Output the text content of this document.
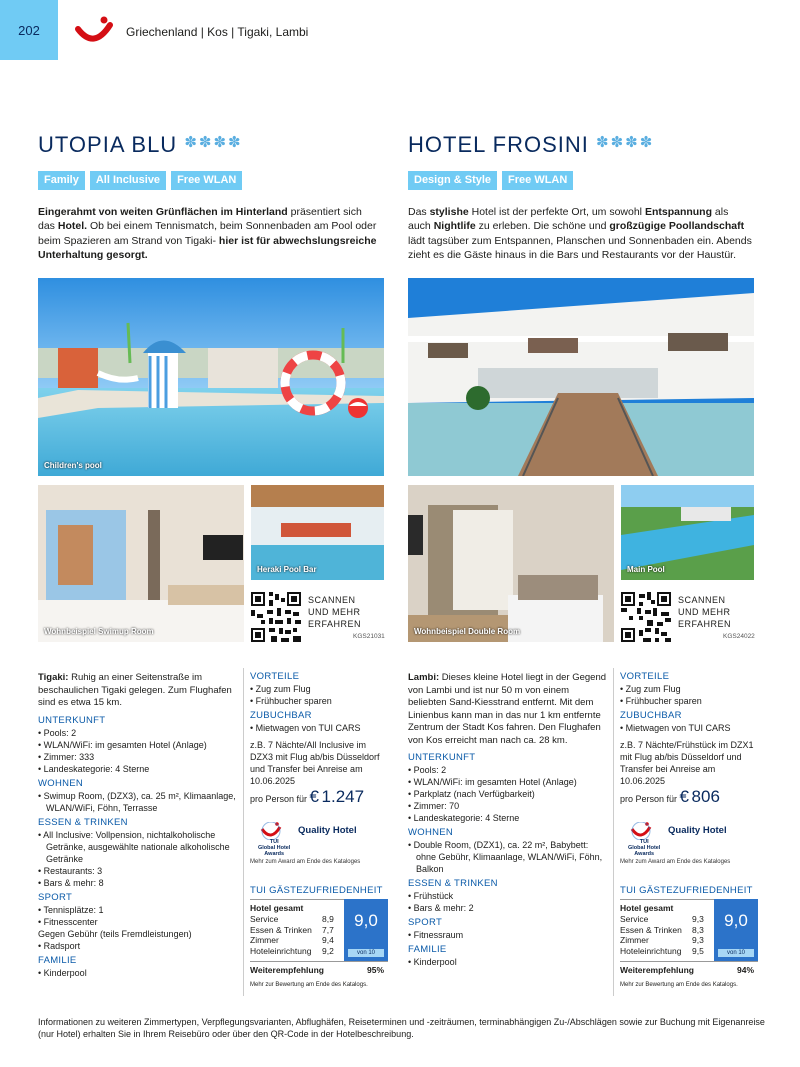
202	Griechenland | Kos | Tigaki, Lambi
UTOPIA BLU ✽✽✽✽
Family	All Inclusive	Free WLAN
Eingerahmt von weiten Grünflächen im Hinterland präsentiert sich das Hotel. Ob bei einem Tennismatch, beim Sonnenbaden am Pool oder beim Spazieren am Strand von Tigaki- hier ist für abwechslungsreiche Unterhaltung gesorgt.
Children's pool
Wohnbeispiel Swimup Room
Heraki Pool Bar
SCANNEN
UND MEHR
ERFAHREN
KGS21031
Tigaki: Ruhig an einer Seitenstraße im beschaulichen Tigaki gelegen. Zum Flughafen sind es etwa 15 km.
UNTERKUNFT
• Pools: 2
• WLAN/WiFi: im gesamten Hotel (Anlage)
• Zimmer: 333
• Landeskategorie: 4 Sterne
WOHNEN
• Swimup Room, (DZX3), ca. 25 m², Klimaanlage, WLAN/WiFi, Föhn, Terrasse
ESSEN & TRINKEN
• All Inclusive: Vollpension, nichtalkoholische Getränke, ausgewählte nationale alkoholische Getränke
• Restaurants: 3
• Bars & mehr: 8
SPORT
• Tennisplätze: 1
• Fitnesscenter
Gegen Gebühr (teils Fremdleistungen)
• Radsport
FAMILIE
• Kinderpool
VORTEILE
• Zug zum Flug
• Frühbucher sparen
ZUBUCHBAR
• Mietwagen von TUI CARS
z.B. 7 Nächte/All Inclusive im DZX3 mit Flug ab/bis Düsseldorf und Transfer bei Anreise am 10.06.2025
pro Person für € 1.247
Quality Hotel
TUI
Global Hotel
Awards
Mehr zum Award am Ende des Kataloges
TUI GÄSTEZUFRIEDENHEIT
Hotel gesamt
Service	8,9
Essen & Trinken 7,7
Zimmer	9,4
Hoteleinrichtung 9,2
9,0
von 10
Weiterempfehlung	95%
Mehr zur Bewertung am Ende des Katalogs.
HOTEL FROSINI ✽✽✽✽
Design & Style	Free WLAN
Das stylishe Hotel ist der perfekte Ort, um sowohl Entspannung als auch Nightlife zu erleben. Die schöne und großzügige Poollandschaft lädt tagsüber zum Entspannen, Planschen und Sonnenbaden ein. Abends zieht es die Gäste hinaus in die Bars und Restaurants vor der Haustür.
Wohnbeispiel Double Room
Main Pool
SCANNEN
UND MEHR
ERFAHREN
KGS24022
Lambi: Dieses kleine Hotel liegt in der Gegend von Lambi und ist nur 50 m von einem beliebten Sand-Kiesstrand entfernt. Mit dem Linienbus kann man in das nur 1 km entfernte Zentrum der Stadt Kos fahren. Den Flughafen von Kos erreicht man nach ca. 28 km.
UNTERKUNFT
• Pools: 2
• WLAN/WiFi: im gesamten Hotel (Anlage)
• Parkplatz (nach Verfügbarkeit)
• Zimmer: 70
• Landeskategorie: 4 Sterne
WOHNEN
• Double Room, (DZX1), ca. 22 m², Babybett: ohne Gebühr, Klimaanlage, WLAN/WiFi, Föhn, Balkon
ESSEN & TRINKEN
• Frühstück
• Bars & mehr: 2
SPORT
• Fitnessraum
FAMILIE
• Kinderpool
VORTEILE
• Zug zum Flug
• Frühbucher sparen
ZUBUCHBAR
• Mietwagen von TUI CARS
z.B. 7 Nächte/Frühstück im DZX1 mit Flug ab/bis Düsseldorf und Transfer bei Anreise am 10.06.2025
pro Person für € 806
Quality Hotel
TUI
Global Hotel
Awards
Mehr zum Award am Ende des Kataloges
TUI GÄSTEZUFRIEDENHEIT
Hotel gesamt
Service	9,3
Essen & Trinken 8,3
Zimmer	9,3
Hoteleinrichtung 9,5
9,0
von 10
Weiterempfehlung	94%
Mehr zur Bewertung am Ende des Katalogs.
Informationen zu weiteren Zimmertypen, Verpflegungsvarianten, Abflughäfen, Reiseterminen und -zeiträumen, terminabhängigen Zu-/Abschlägen sowie zur Buchung mit Eigenanreise (nur Hotel) erhalten Sie in Ihrem Reisebüro oder über den QR-Code in der Hotelbeschreibung.
